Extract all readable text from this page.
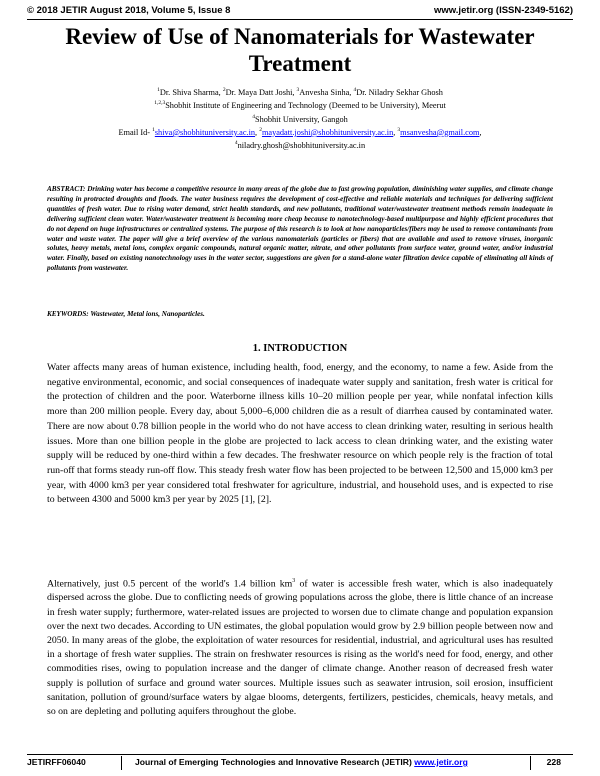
© 2018 JETIR August 2018, Volume 5, Issue 8	www.jetir.org (ISSN-2349-5162)
Review of Use of Nanomaterials for Wastewater Treatment
$^1$Dr. Shiva Sharma, $^2$Dr. Maya Datt Joshi, $^3$Anvesha Sinha, $^4$Dr. Niladry Sekhar Ghosh
$^{1,2,3}$Shobhit Institute of Engineering and Technology (Deemed to be University), Meerut
$^4$Shobhit University, Gangoh
Email Id- $^1$shiva@shobhituniversity.ac.in, $^2$mayadatt.joshi@shobhituniversity.ac.in, $^3$msanvesha@gmail.com,
$^4$niladry.ghosh@shobhituniversity.ac.in
ABSTRACT: Drinking water has become a competitive resource in many areas of the globe due to fast growing population, diminishing water supplies, and climate change resulting in protracted droughts and floods. The water business requires the development of cost-effective and reliable materials and techniques for delivering sufficient quantities of fresh water. Due to rising water demand, strict health standards, and new pollutants, traditional water/wastewater treatment methods remain inadequate in delivering sufficient clean water. Water/wastewater treatment is becoming more cheap because to nanotechnology-based multipurpose and highly efficient procedures that do not depend on huge infrastructures or centralized systems. The purpose of this research is to look at how nanoparticles/fibers may be used to remove contaminants from water and waste water. The paper will give a brief overview of the various nanomaterials (particles or fibers) that are available and used to remove viruses, inorganic solutes, heavy metals, metal ions, complex organic compounds, natural organic matter, nitrate, and other pollutants from surface water, ground water, and/or industrial water. Finally, based on existing nanotechnology uses in the water sector, suggestions are given for a stand-alone water filtration device capable of eliminating all kinds of pollutants from wastewater.
KEYWORDS: Wastewater, Metal ions, Nanoparticles.
1. INTRODUCTION
Water affects many areas of human existence, including health, food, energy, and the economy, to name a few. Aside from the negative environmental, economic, and social consequences of inadequate water supply and sanitation, fresh water is critical for the protection of children and the poor. Waterborne illness kills 10–20 million people per year, while nonfatal infection kills more than 200 million people. Every day, about 5,000–6,000 children die as a result of diarrhea caused by contaminated water. There are now about 0.78 billion people in the world who do not have access to clean drinking water, resulting in serious health issues. More than one billion people in the globe are projected to lack access to clean drinking water, and the existing water supply will be reduced by one-third within a few decades. The freshwater resource on which people rely is the fraction of total run-off that forms steady run-off flow. This steady fresh water flow has been projected to be between 12,500 and 15,000 km3 per year, with 4000 km3 per year considered total freshwater for agriculture, industrial, and household uses, and is expected to rise to between 4300 and 5000 km3 per year by 2025 [1], [2].
Alternatively, just 0.5 percent of the world's 1.4 billion $km^3$ of water is accessible fresh water, which is also inadequately dispersed across the globe. Due to conflicting needs of growing populations across the globe, there is little chance of an increase in fresh water supply; furthermore, water-related issues are projected to worsen due to climate change and population expansion over the next two decades. According to UN estimates, the global population would grow by 2.9 billion people between now and 2050. In many areas of the globe, the exploitation of water resources for residential, industrial, and agricultural uses has resulted in a shortage of fresh water supplies. The strain on freshwater resources is rising as the world's need for food, energy, and other commodities rises, owing to population increase and the danger of climate change. Another reason of decreased fresh water supply is pollution of surface and ground water sources. Multiple issues such as seawater intrusion, soil erosion, insufficient sanitation, pollution of ground/surface waters by algae blooms, detergents, fertilizers, pesticides, chemicals, heavy metals, and so on are depleting and polluting aquifers throughout the globe.
JETIRFF06040	Journal of Emerging Technologies and Innovative Research (JETIR) www.jetir.org	228
